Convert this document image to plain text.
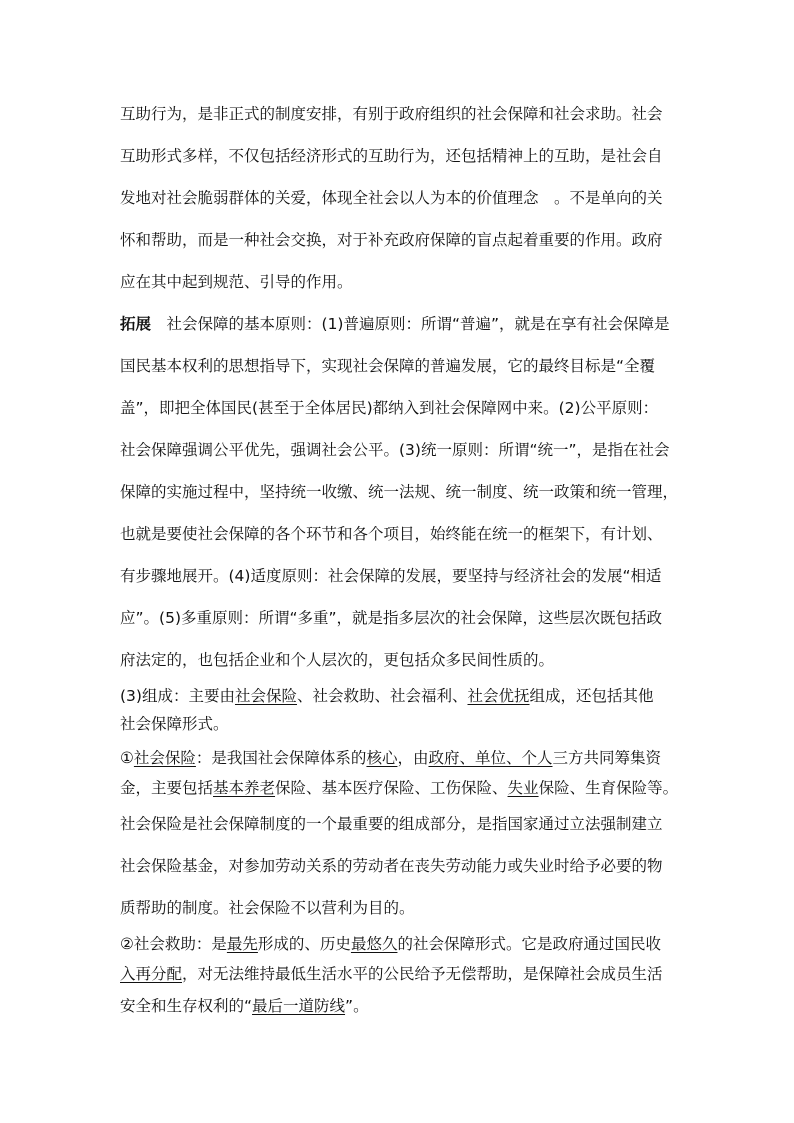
互助行为，是非正式的制度安排，有别于政府组织的社会保障和社会求助。社会
互助形式多样，不仅包括经济形式的互助行为，还包括精神上的互助，是社会自
发地对社会脆弱群体的关爱，体现全社会以人为本的价值理念　。不是单向的关
怀和帮助，而是一种社会交换，对于补充政府保障的盲点起着重要的作用。政府
应在其中起到规范、引导的作用。
拓展　社会保障的基本原则：(1)普遍原则：所谓“普遍”，就是在享有社会保障是
国民基本权利的思想指导下，实现社会保障的普遍发展，它的最终目标是“全覆
盖”，即把全体国民(甚至于全体居民)都纳入到社会保障网中来。(2)公平原则：
社会保障强调公平优先，强调社会公平。(3)统一原则：所谓“统一”，是指在社会
保障的实施过程中，坚持统一收缴、统一法规、统一制度、统一政策和统一管理，
也就是要使社会保障的各个环节和各个项目，始终能在统一的框架下，有计划、
有步骤地展开。(4)适度原则：社会保障的发展，要坚持与经济社会的发展“相适
应”。(5)多重原则：所谓“多重”，就是指多层次的社会保障，这些层次既包括政
府法定的，也包括企业和个人层次的，更包括众多民间性质的。
(3)组成：主要由社会保险、社会救助、社会福利、社会优抚组成，还包括其他
社会保障形式。
①社会保险：是我国社会保障体系的核心，由政府、单位、个人三方共同筹集资
金，主要包括基本养老保险、基本医疗保险、工伤保险、失业保险、生育保险等。
社会保险是社会保障制度的一个最重要的组成部分，是指国家通过立法强制建立
社会保险基金，对参加劳动关系的劳动者在丧失劳动能力或失业时给予必要的物
质帮助的制度。社会保险不以营利为目的。
②社会救助：是最先形成的、历史最悠久的社会保障形式。它是政府通过国民收
入再分配，对无法维持最低生活水平的公民给予无偿帮助，是保障社会成员生活
安全和生存权利的“最后一道防线”。
